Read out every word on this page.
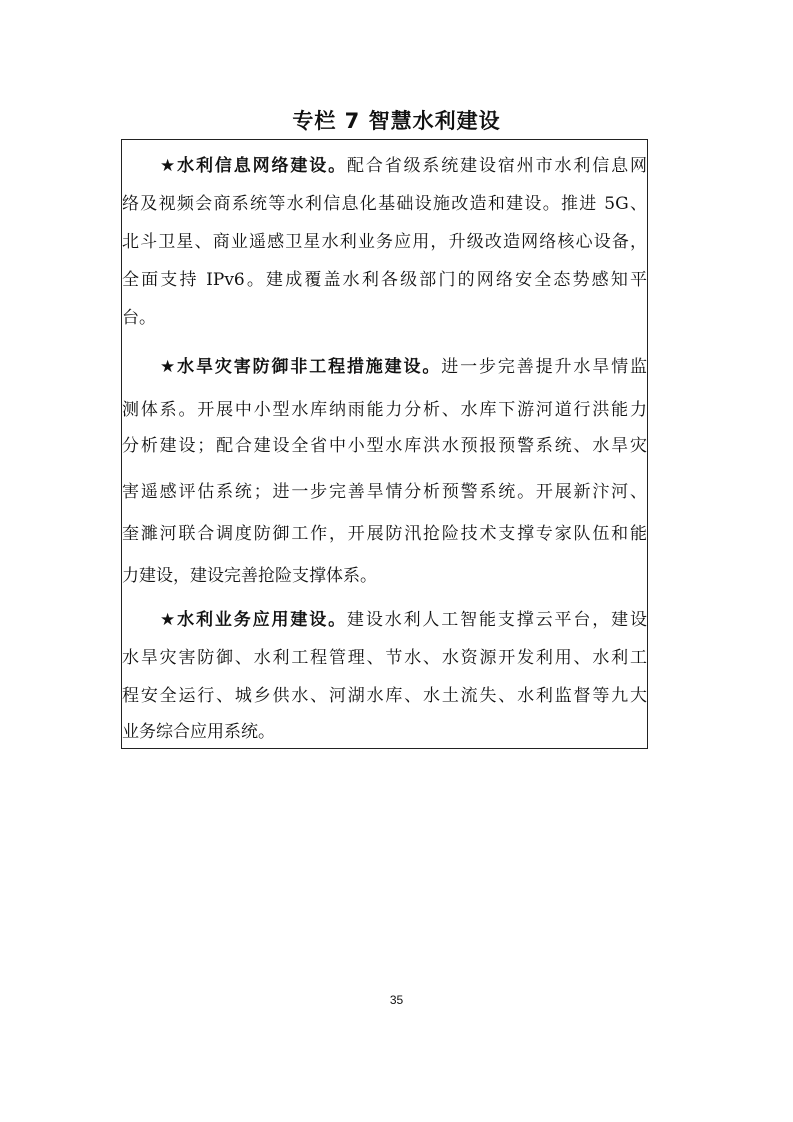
专栏 7 智慧水利建设
★水利信息网络建设。配合省级系统建设宿州市水利信息网
络及视频会商系统等水利信息化基础设施改造和建设。推进 5G、
北斗卫星、商业遥感卫星水利业务应用，升级改造网络核心设备，
全面支持 IPv6。建成覆盖水利各级部门的网络安全态势感知平
台。
★水旱灾害防御非工程措施建设。进一步完善提升水旱情监
测体系。开展中小型水库纳雨能力分析、水库下游河道行洪能力
分析建设；配合建设全省中小型水库洪水预报预警系统、水旱灾
害遥感评估系统；进一步完善旱情分析预警系统。开展新汴河、
奎濉河联合调度防御工作，开展防汛抢险技术支撑专家队伍和能
力建设，建设完善抢险支撑体系。
★水利业务应用建设。建设水利人工智能支撑云平台，建设
水旱灾害防御、水利工程管理、节水、水资源开发利用、水利工
程安全运行、城乡供水、河湖水库、水土流失、水利监督等九大
业务综合应用系统。
35
